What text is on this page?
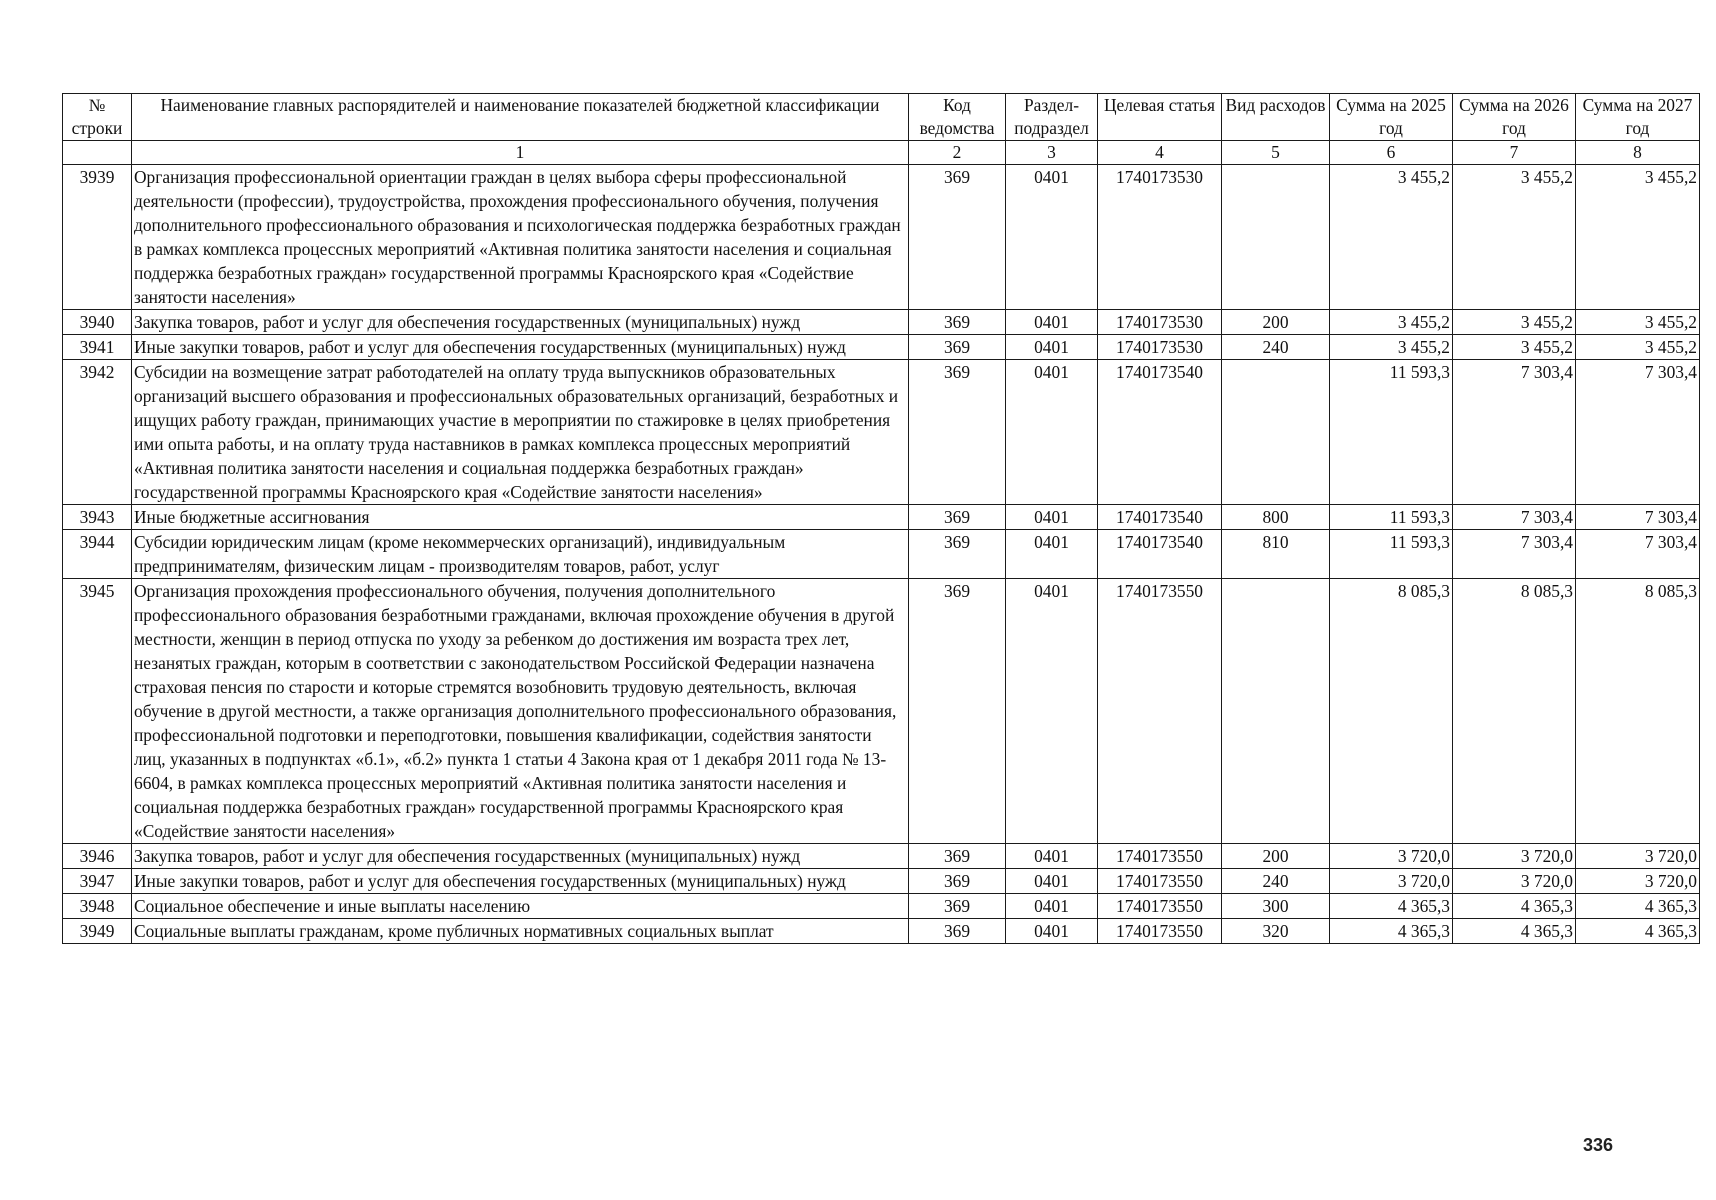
№ строки	Наименование главных распорядителей и наименование показателей бюджетной классификации	Код ведомства	Раздел-подраздел	Целевая статья	Вид расходов	Сумма на 2025 год	Сумма на 2026 год	Сумма на 2027 год
	1	2	3	4	5	6	7	8
3939	Организация профессиональной ориентации граждан в целях выбора сферы профессиональной деятельности (профессии), трудоустройства, прохождения профессионального обучения, получения дополнительного профессионального образования и психологическая поддержка безработных граждан в рамках комплекса процессных мероприятий «Активная политика занятости населения и социальная поддержка безработных граждан» государственной программы Красноярского края «Содействие занятости населения»	369	0401	1740173530		3 455,2	3 455,2	3 455,2
3940	Закупка товаров, работ и услуг для обеспечения государственных (муниципальных) нужд	369	0401	1740173530	200	3 455,2	3 455,2	3 455,2
3941	Иные закупки товаров, работ и услуг для обеспечения государственных (муниципальных) нужд	369	0401	1740173530	240	3 455,2	3 455,2	3 455,2
3942	Субсидии на возмещение затрат работодателей на оплату труда выпускников образовательных организаций высшего образования и профессиональных образовательных организаций, безработных и ищущих работу граждан, принимающих участие в мероприятии по стажировке в целях приобретения ими опыта работы, и на оплату труда наставников в рамках комплекса процессных мероприятий «Активная политика занятости населения и социальная поддержка безработных граждан» государственной программы Красноярского края «Содействие занятости населения»	369	0401	1740173540		11 593,3	7 303,4	7 303,4
3943	Иные бюджетные ассигнования	369	0401	1740173540	800	11 593,3	7 303,4	7 303,4
3944	Субсидии юридическим лицам (кроме некоммерческих организаций), индивидуальным предпринимателям, физическим лицам - производителям товаров, работ, услуг	369	0401	1740173540	810	11 593,3	7 303,4	7 303,4
3945	Организация прохождения профессионального обучения, получения дополнительного профессионального образования безработными гражданами, включая прохождение обучения в другой местности, женщин в период отпуска по уходу за ребенком до достижения им возраста трех лет, незанятых граждан, которым в соответствии с законодательством Российской Федерации назначена страховая пенсия по старости и которые стремятся возобновить трудовую деятельность, включая обучение в другой местности, а также организация дополнительного профессионального образования, профессиональной подготовки и переподготовки, повышения квалификации, содействия занятости лиц, указанных в подпунктах «б.1», «б.2» пункта 1 статьи 4 Закона края от 1 декабря 2011 года № 13-6604, в рамках комплекса процессных мероприятий «Активная политика занятости населения и социальная поддержка безработных граждан» государственной программы Красноярского края «Содействие занятости населения»	369	0401	1740173550		8 085,3	8 085,3	8 085,3
3946	Закупка товаров, работ и услуг для обеспечения государственных (муниципальных) нужд	369	0401	1740173550	200	3 720,0	3 720,0	3 720,0
3947	Иные закупки товаров, работ и услуг для обеспечения государственных (муниципальных) нужд	369	0401	1740173550	240	3 720,0	3 720,0	3 720,0
3948	Социальное обеспечение и иные выплаты населению	369	0401	1740173550	300	4 365,3	4 365,3	4 365,3
3949	Социальные выплаты гражданам, кроме публичных нормативных социальных выплат	369	0401	1740173550	320	4 365,3	4 365,3	4 365,3
336
